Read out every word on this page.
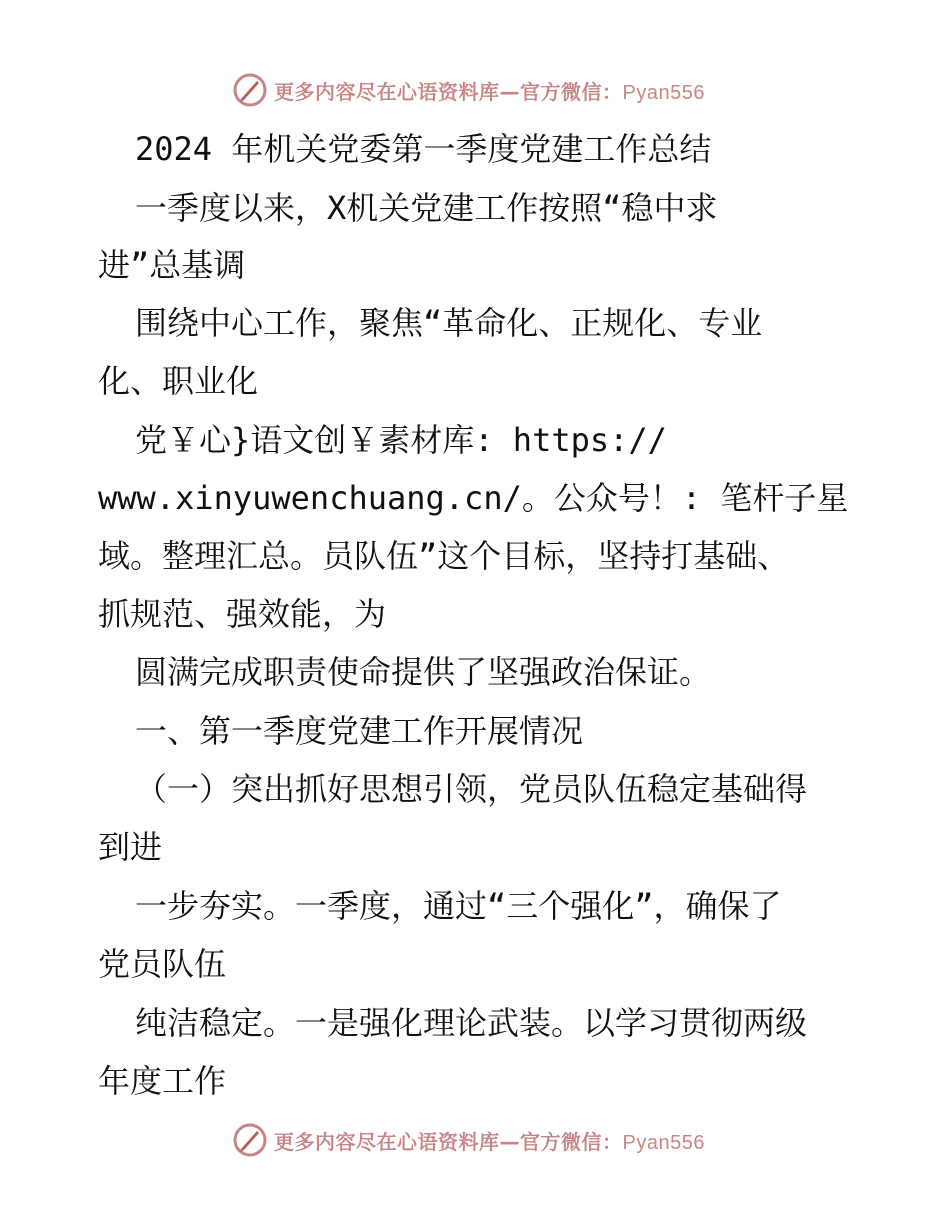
更多内容尽在心语资料库—官方微信：Pyan556
2024 年机关党委第一季度党建工作总结
一季度以来，X机关党建工作按照“稳中求
进”总基调
围绕中心工作，聚焦“革命化、正规化、专业
化、职业化
党￥心}语文创￥素材库: https://
www.xinyuwenchuang.cn/。公众号！: 笔杆子星
域。整理汇总。员队伍”这个目标，坚持打基础、
抓规范、强效能，为
圆满完成职责使命提供了坚强政治保证。
一、第一季度党建工作开展情况
（一）突出抓好思想引领，党员队伍稳定基础得
到进
一步夯实。一季度，通过“三个强化”，确保了
党员队伍
纯洁稳定。一是强化理论武装。以学习贯彻两级
年度工作
更多内容尽在心语资料库—官方微信：Pyan556
